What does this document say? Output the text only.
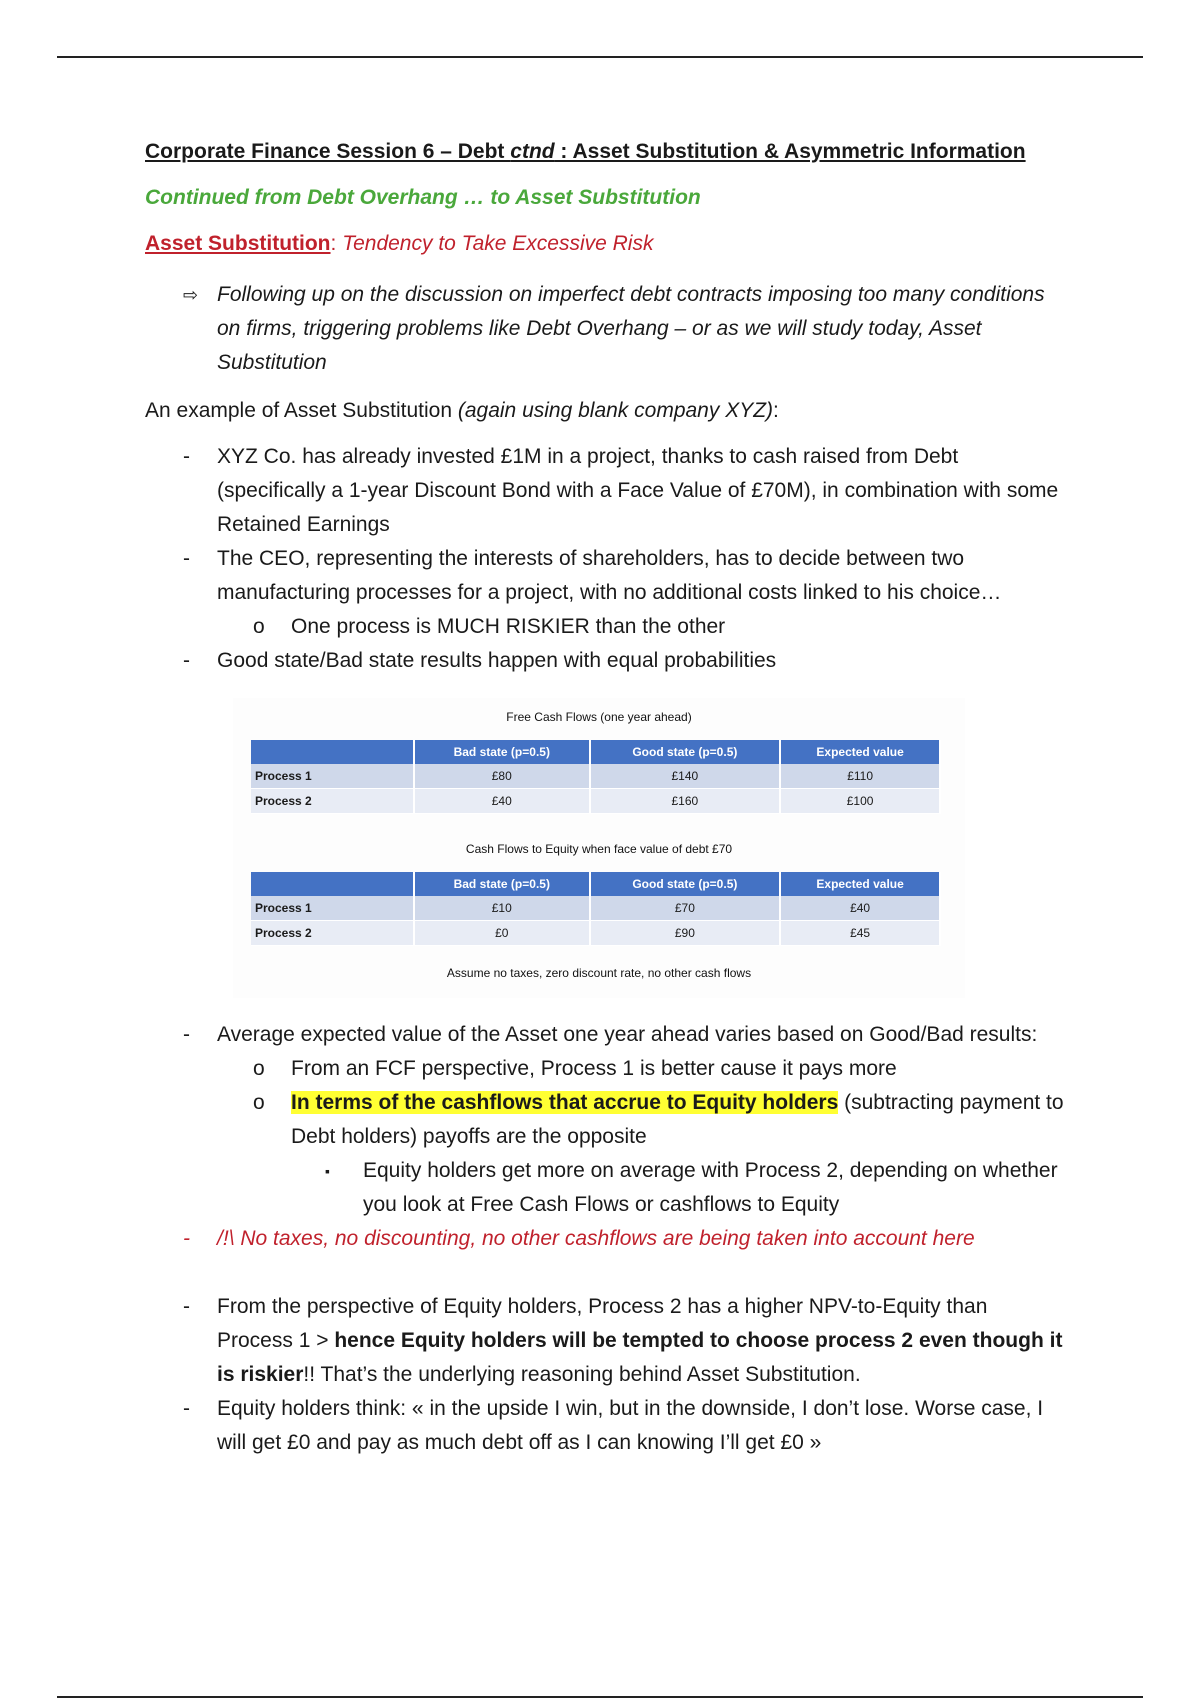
Corporate Finance Session 6 – Debt ctnd : Asset Substitution & Asymmetric Information

Continued from Debt Overhang … to Asset Substitution

Asset Substitution: Tendency to Take Excessive Risk

⇨ Following up on the discussion on imperfect debt contracts imposing too many conditions on firms, triggering problems like Debt Overhang – or as we will study today, Asset Substitution

An example of Asset Substitution (again using blank company XYZ):

-	XYZ Co. has already invested £1M in a project, thanks to cash raised from Debt (specifically a 1-year Discount Bond with a Face Value of £70M), in combination with some Retained Earnings
-	The CEO, representing the interests of shareholders, has to decide between two manufacturing processes for a project, with no additional costs linked to his choice…
o	One process is MUCH RISKIER than the other
-	Good state/Bad state results happen with equal probabilities
Free Cash Flows (one year ahead)
	Bad state (p=0.5)	Good state (p=0.5)	Expected value
Process 1	£80	£140	£110
Process 2	£40	£160	£100
Cash Flows to Equity when face value of debt £70
	Bad state (p=0.5)	Good state (p=0.5)	Expected value
Process 1	£10	£70	£40
Process 2	£0	£90	£45
Assume no taxes, zero discount rate, no other cash flows
-	Average expected value of the Asset one year ahead varies based on Good/Bad results:
o	From an FCF perspective, Process 1 is better cause it pays more
o	In terms of the cashflows that accrue to Equity holders (subtracting payment to Debt holders) payoffs are the opposite
▪	Equity holders get more on average with Process 2, depending on whether you look at Free Cash Flows or cashflows to Equity
-	/!\ No taxes, no discounting, no other cashflows are being taken into account here
-	From the perspective of Equity holders, Process 2 has a higher NPV-to-Equity than Process 1 > hence Equity holders will be tempted to choose process 2 even though it is riskier!! That’s the underlying reasoning behind Asset Substitution.
-	Equity holders think: « in the upside I win, but in the downside, I don’t lose. Worse case, I will get £0 and pay as much debt off as I can knowing I’ll get £0 »
